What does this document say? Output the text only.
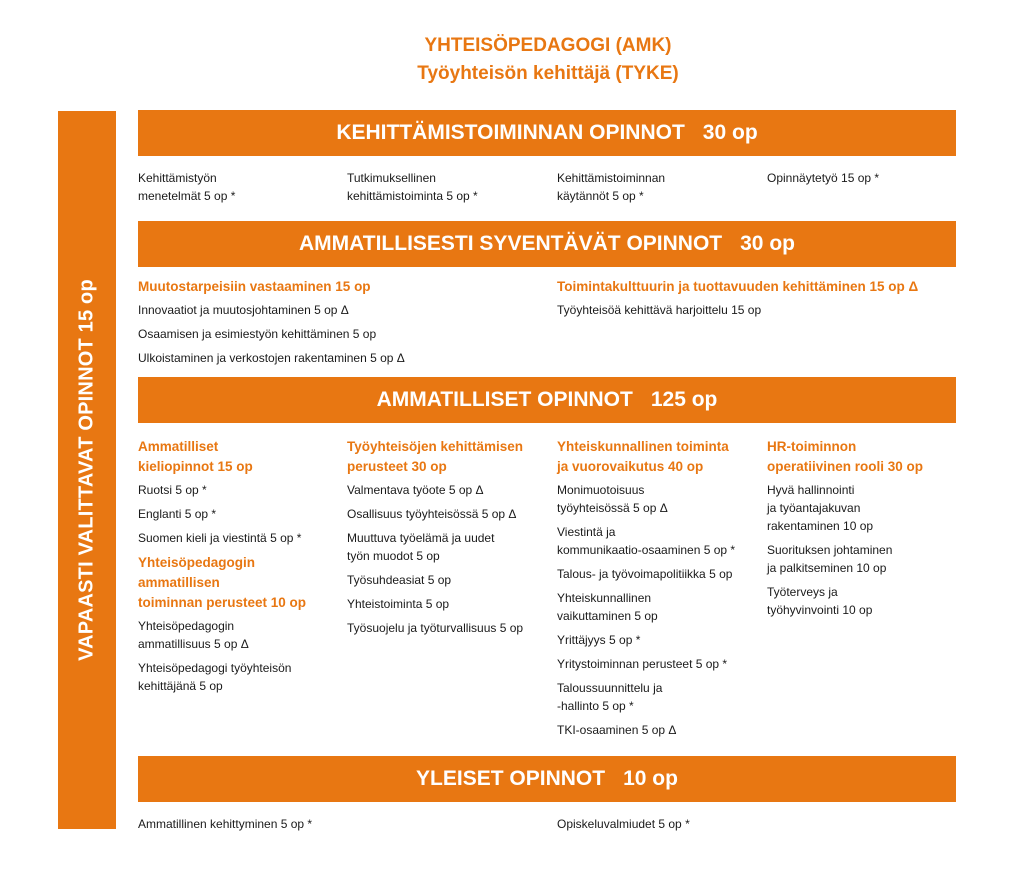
YHTEISÖPEDAGOGI (AMK)
Työyhteisön kehittäjä (TYKE)
VAPAASTI VALITTAVAT OPINNOT 15 op
KEHITTÄMISTOIMINNAN OPINNOT 30 op
Kehittämistyön
menetelmät 5 op *
Tutkimuksellinen
kehittämistoiminta 5 op *
Kehittämistoiminnan
käytännöt 5 op *
Opinnäytetyö 15 op *
AMMATILLISESTI SYVENTÄVÄT OPINNOT 30 op
Muutostarpeisiin vastaaminen 15 op
Innovaatiot ja muutosjohtaminen 5 op Δ
Osaamisen ja esimiestyön kehittäminen 5 op
Ulkoistaminen ja verkostojen rakentaminen 5 op Δ
Toimintakulttuurin ja tuottavuuden kehittäminen 15 op Δ
Työyhteisöä kehittävä harjoittelu 15 op
AMMATILLISET OPINNOT 125 op
Ammatilliset
kieliopinnot 15 op
Ruotsi 5 op *
Englanti 5 op *
Suomen kieli ja viestintä 5 op *
Yhteisöpedagogin
ammatillisen
toiminnan perusteet 10 op
Yhteisöpedagogin
ammatillisuus 5 op Δ
Yhteisöpedagogi työyhteisön
kehittäjänä 5 op
Työyhteisöjen kehittämisen
perusteet 30 op
Valmentava työote 5 op Δ
Osallisuus työyhteisössä 5 op Δ
Muuttuva työelämä ja uudet
työn muodot 5 op
Työsuhdeasiat 5 op
Yhteistoiminta 5 op
Työsuojelu ja työturvallisuus 5 op
Yhteiskunnallinen toiminta
ja vuorovaikutus 40 op
Monimuotoisuus
työyhteisössä 5 op Δ
Viestintä ja
kommunikaatio-osaaminen 5 op *
Talous- ja työvoimapolitiikka 5 op
Yhteiskunnallinen
vaikuttaminen 5 op
Yrittäjyys 5 op *
Yritystoiminnan perusteet 5 op *
Taloussuunnittelu ja
-hallinto 5 op *
TKI-osaaminen 5 op Δ
HR-toiminnon
operatiivinen rooli 30 op
Hyvä hallinnointi
ja työantajakuvan
rakentaminen 10 op
Suorituksen johtaminen
ja palkitseminen 10 op
Työterveys ja
työhyvinvointi 10 op
YLEISET OPINNOT 10 op
Ammatillinen kehittyminen 5 op *	Opiskeluvalmiudet 5 op *
